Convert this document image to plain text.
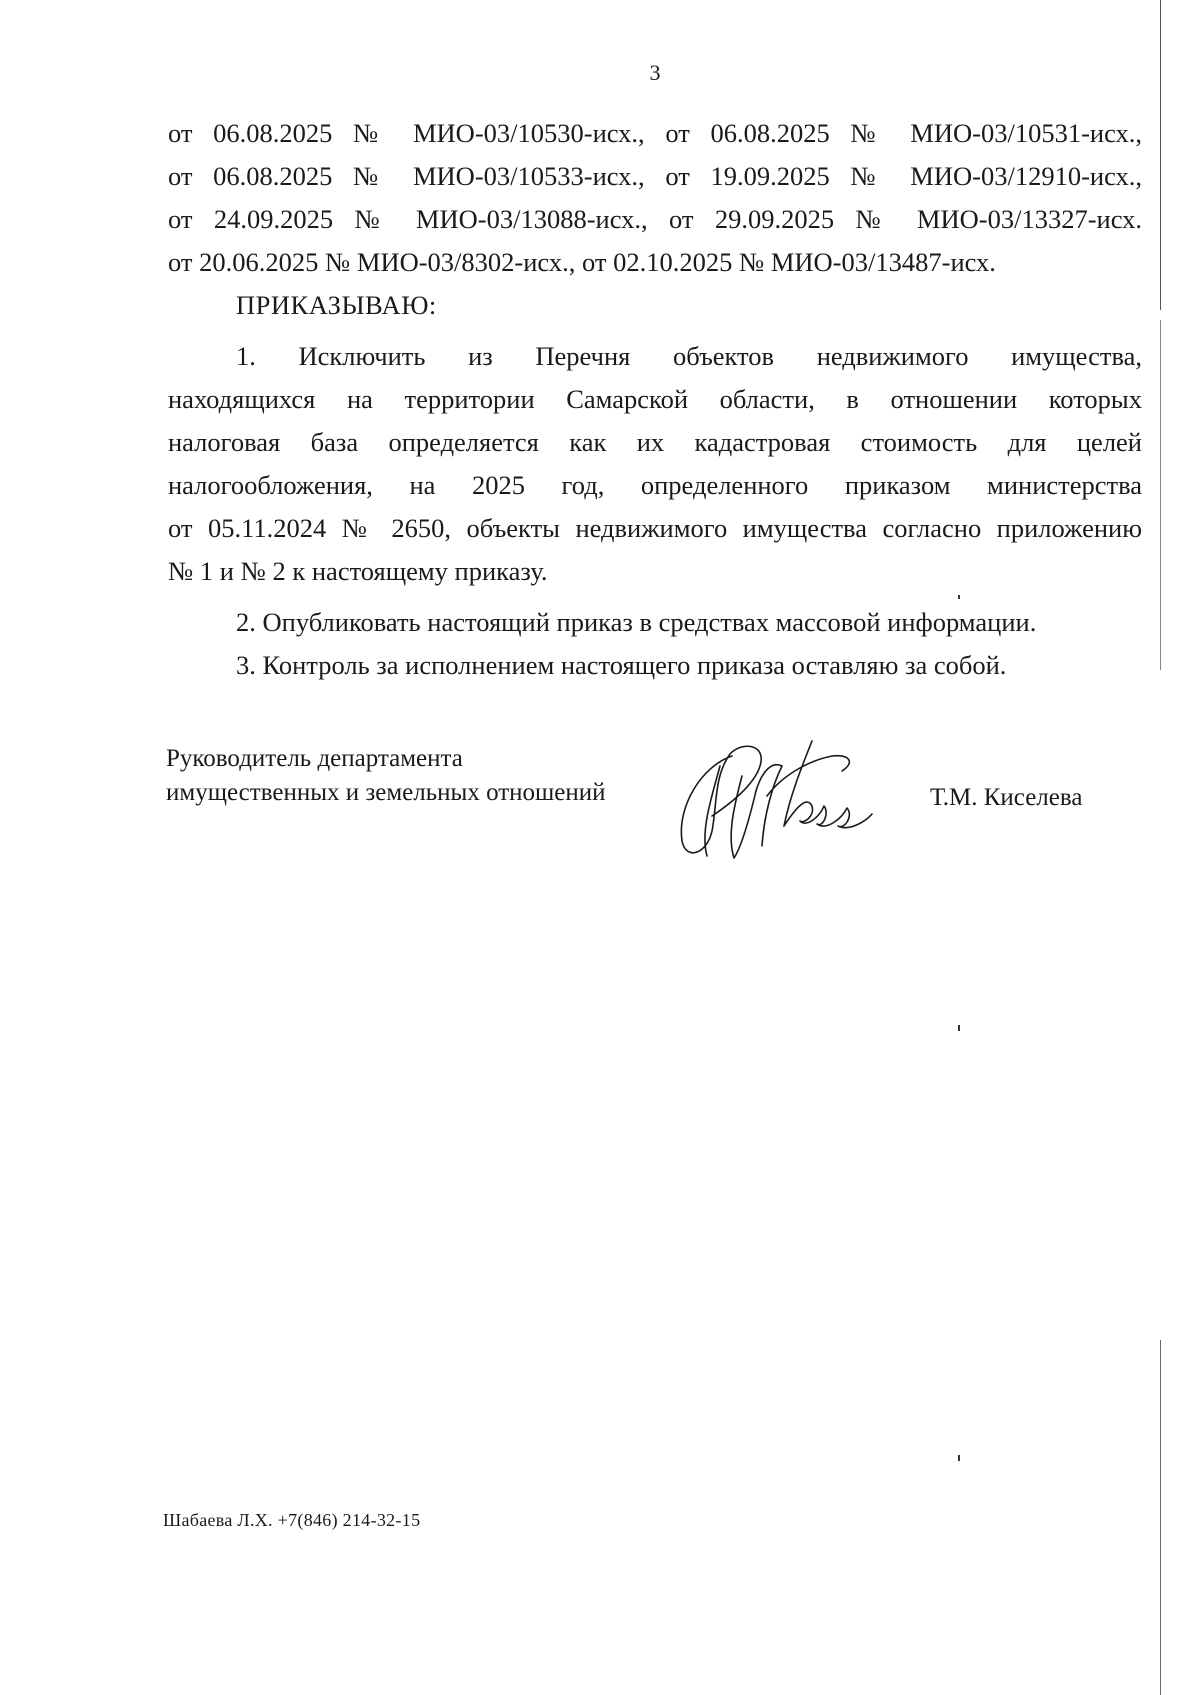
3

от 06.08.2025 № МИО-03/10530-исх., от 06.08.2025 № МИО-03/10531-исх.,

от 06.08.2025 № МИО-03/10533-исх., от 19.09.2025 № МИО-03/12910-исх.,

от 24.09.2025 № МИО-03/13088-исх., от 29.09.2025 № МИО-03/13327-исх.

от 20.06.2025 № МИО-03/8302-исх., от 02.10.2025 № МИО-03/13487-исх.

ПРИКАЗЫВАЮ:

1. Исключить из Перечня объектов недвижимого имущества,

находящихся на территории Самарской области, в отношении которых

налоговая база определяется как их кадастровая стоимость для целей

налогообложения, на 2025 год, определенного приказом министерства

от 05.11.2024 № 2650, объекты недвижимого имущества согласно приложению

№ 1 и № 2 к настоящему приказу.

2. Опубликовать настоящий приказ в средствах массовой информации.

3. Контроль за исполнением настоящего приказа оставляю за собой.

Руководитель департамента
имущественных и земельных отношений	Т.М. Киселева
Шабаева Л.Х. +7(846) 214-32-15
